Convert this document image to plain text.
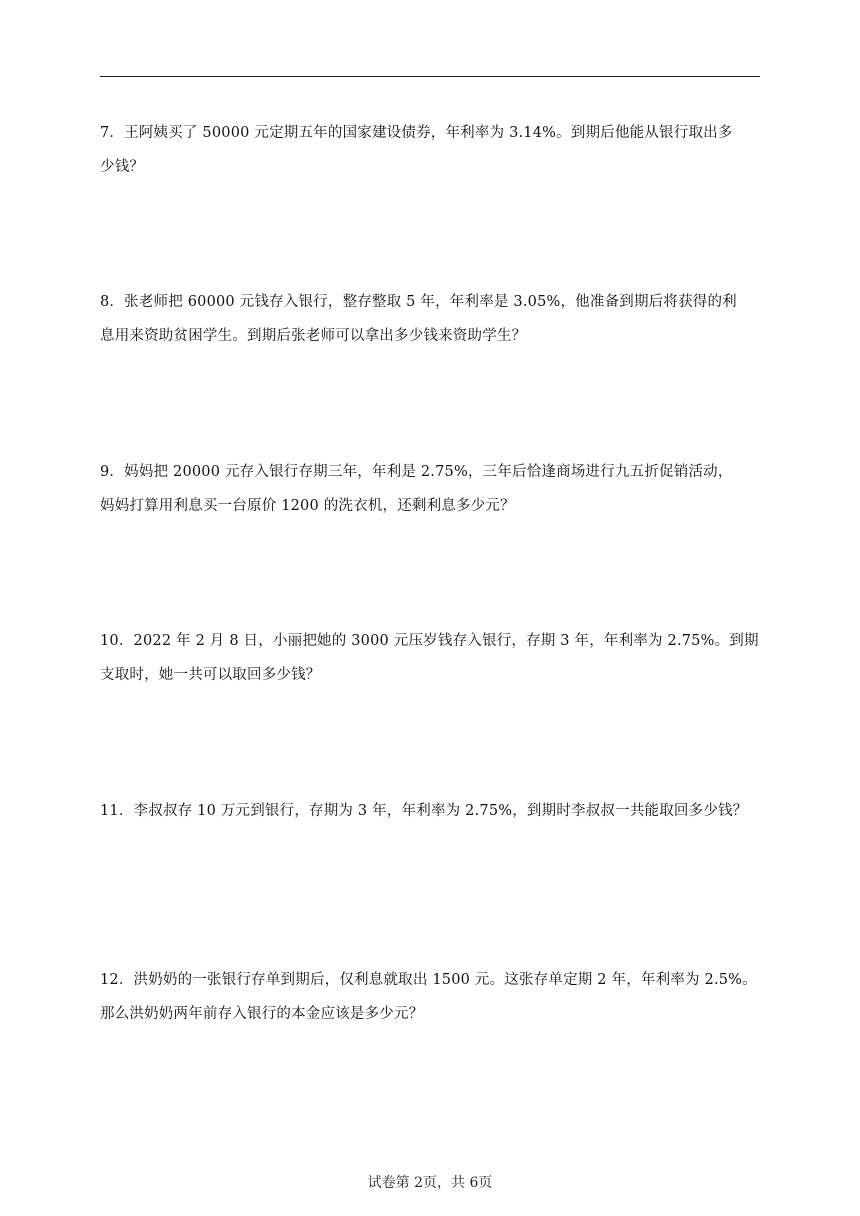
7．王阿姨买了 50000 元定期五年的国家建设债券，年利率为 3.14%。到期后他能从银行取出多
少钱？
8．张老师把 60000 元钱存入银行，整存整取 5 年，年利率是 3.05%，他准备到期后将获得的利
息用来资助贫困学生。到期后张老师可以拿出多少钱来资助学生？
9．妈妈把 20000 元存入银行存期三年，年利是 2.75%，三年后恰逢商场进行九五折促销活动，
妈妈打算用利息买一台原价 1200 的洗衣机，还剩利息多少元？
10．2022 年 2 月 8 日，小丽把她的 3000 元压岁钱存入银行，存期 3 年，年利率为 2.75%。到期
支取时，她一共可以取回多少钱？
11．李叔叔存 10 万元到银行，存期为 3 年，年利率为 2.75%，到期时李叔叔一共能取回多少钱？
12．洪奶奶的一张银行存单到期后，仅利息就取出 1500 元。这张存单定期 2 年，年利率为 2.5%。
那么洪奶奶两年前存入银行的本金应该是多少元？
试卷第 2页，共 6页
